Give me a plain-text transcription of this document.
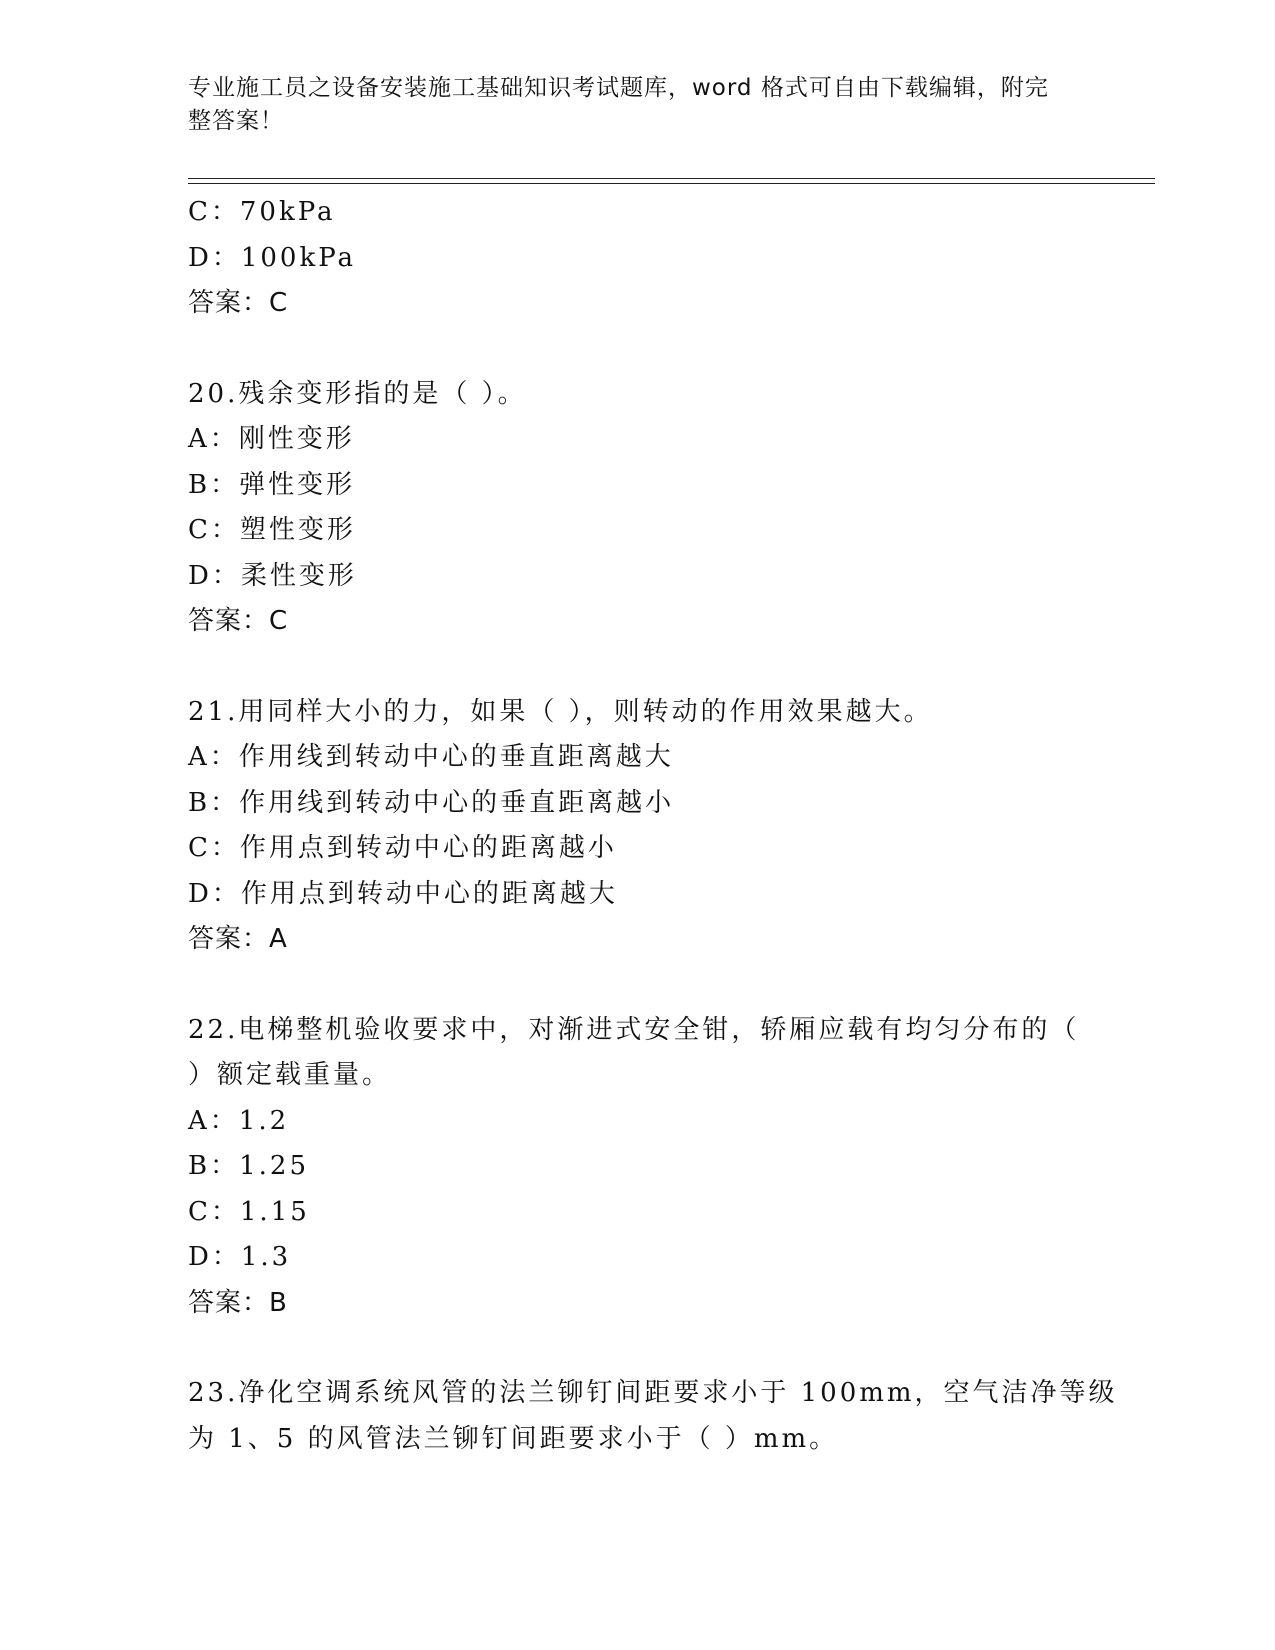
专业施工员之设备安装施工基础知识考试题库，word 格式可自由下载编辑，附完
整答案！
C：70kPa
D：100kPa
答案：C
20.残余变形指的是（ ）。
A：刚性变形
B：弹性变形
C：塑性变形
D：柔性变形
答案：C
21.用同样大小的力，如果（ ），则转动的作用效果越大。
A：作用线到转动中心的垂直距离越大
B：作用线到转动中心的垂直距离越小
C：作用点到转动中心的距离越小
D：作用点到转动中心的距离越大
答案：A
22.电梯整机验收要求中，对渐进式安全钳，轿厢应载有均匀分布的（
）额定载重量。
A：1.2
B：1.25
C：1.15
D：1.3
答案：B
23.净化空调系统风管的法兰铆钉间距要求小于 100mm，空气洁净等级
为 1、5 的风管法兰铆钉间距要求小于（ ）mm。
